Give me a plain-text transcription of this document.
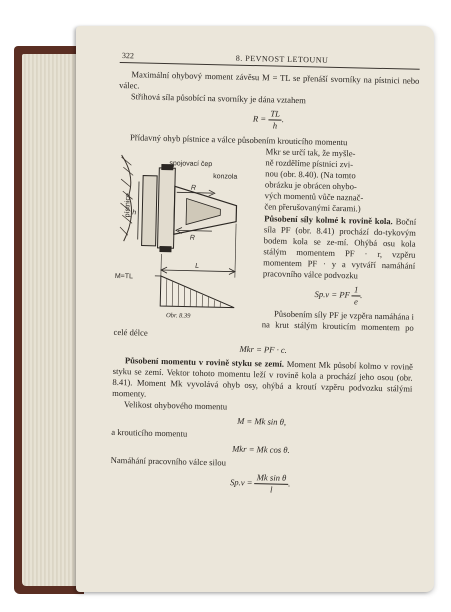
322	8. PEVNOST LETOUNU

Maximální ohybový moment závěsu M = TL se přenáší svorníky na pístnici nebo válec.

Střihová síla působící na svorníky je dána vztahem

$R = \frac{TL}{h}$ .

Přídavný ohyb pístnice a válce působením krouticího momentu

spojovací čep
konzola
pístnice
R
R
h
L
M=TL
Obr. 8.39

Mkr se určí tak, že myšle-

ně rozdělíme pístnici zvi-

nou (obr. 8.40). (Na tomto

obrázku je obrácen ohybo-

vých momentů vůče naznač-

čen přerušovanými čarami.)

Působení síly kolmé k rovině kola. Boční síla PF (obr. 8.41) prochází do-tykovým bodem kola se ze-mí. Ohýbá osu kola stálým momentem PF · r, vzpěru momentem PF · y a vytváří namáhání pracovního válce podvozku

Sp.v = PF $\frac{1}{e}$ .

Působením síly PF je vzpěra namáhána i na krut stálým krouticím momentem po celé délce

Mkr = PF · c.

Působení momentu v rovině styku se zemí. Moment Mk působí kolmo v rovině styku se zemí. Vektor tohoto momentu leží v rovině kola a prochází jeho osou (obr. 8.41). Moment Mk vyvolává ohyb osy, ohýbá a kroutí vzpěru podvozku stálými momenty.

Velikost ohybového momentu

M = Mk sin θ,

a krouticího momentu

Mkr = Mk cos θ.

Namáhání pracovního válce silou

$Sp.v = \frac{\text{Mk sin θ}}{l}$ .
